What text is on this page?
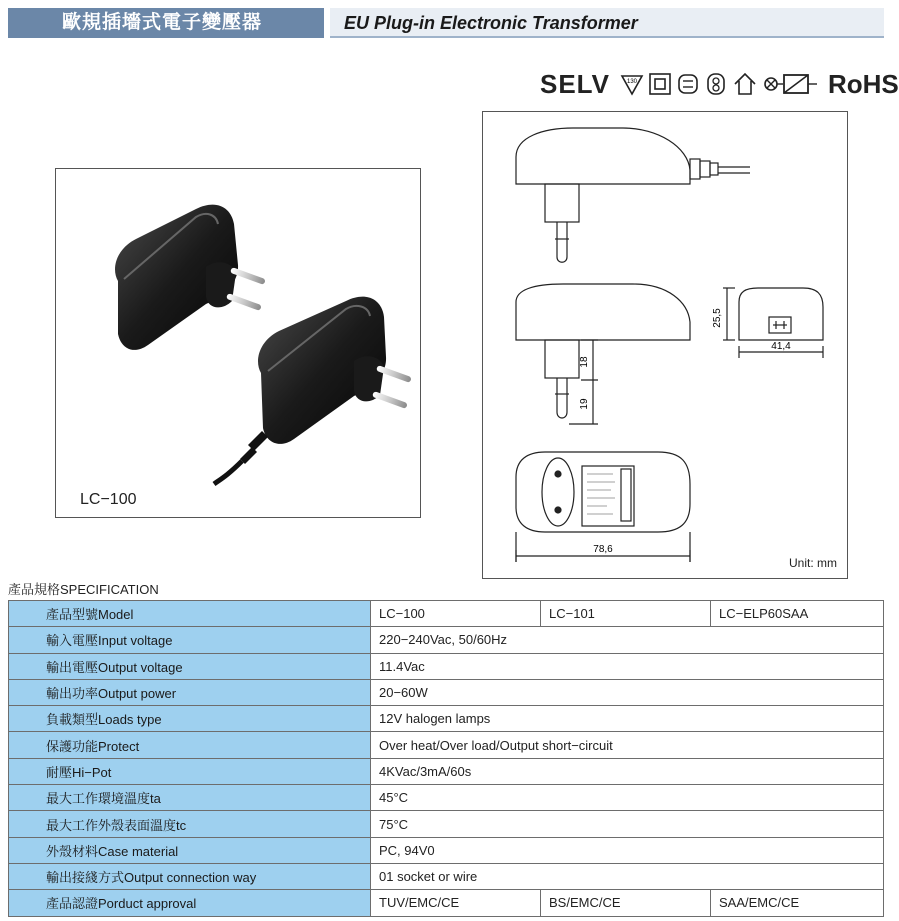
歐規插墻式電子變壓器	EU Plug-in Electronic Transformer
SELV	130	RoHS
LC−100
25,5
41,4
18
19
78,6
Unit: mm
產品規格SPECIFICATION
產品型號Model	LC−100	LC−101	LC−ELP60SAA
輸入電壓Input voltage	220−240Vac, 50/60Hz		
輸出電壓Output voltage	11.4Vac		
輸出功率Output power	20−60W		
負載類型Loads type	12V halogen lamps		
保護功能Protect	Over heat/Over load/Output short−circuit		
耐壓Hi−Pot	4KVac/3mA/60s		
最大工作環境溫度ta	45°C		
最大工作外殼表面溫度tc	75°C		
外殼材料Case material	PC, 94V0		
輸出接綫方式Output connection way	01 socket or wire		
產品認證Porduct approval	TUV/EMC/CE	BS/EMC/CE	SAA/EMC/CE
